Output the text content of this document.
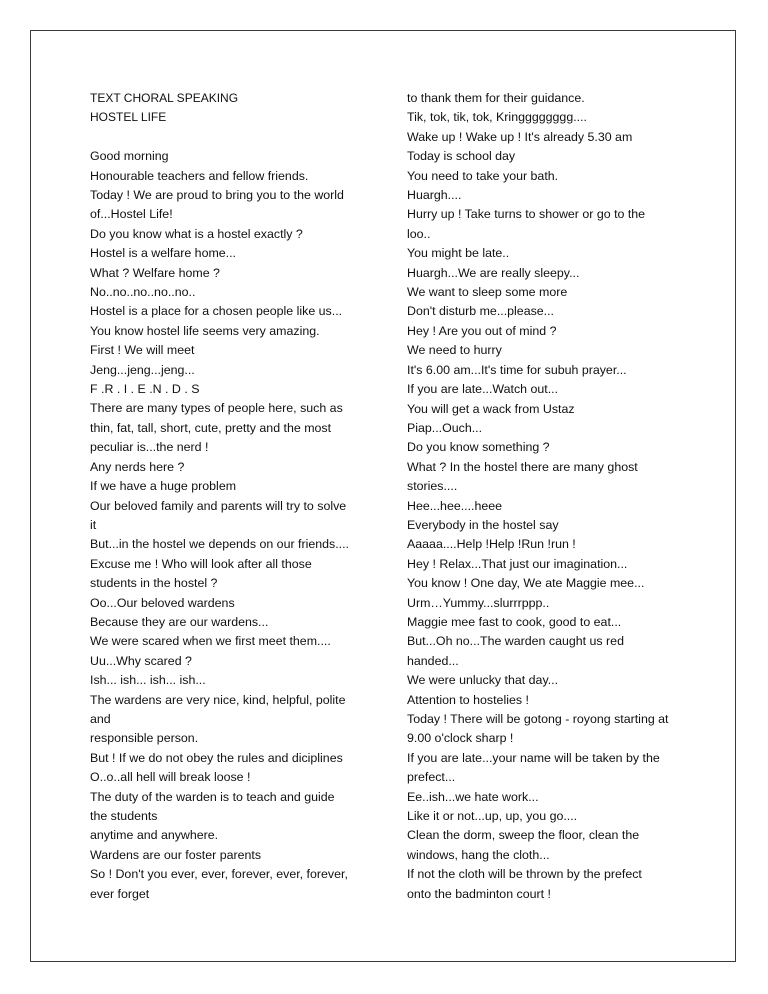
TEXT CHORAL SPEAKING
HOSTEL LIFE
Good morning
Honourable teachers and fellow friends.
Today ! We are proud to bring you to the world
of...Hostel Life!
Do you know what is a hostel exactly ?
Hostel is a welfare home...
What ? Welfare home ?
No..no..no..no..no..
Hostel is a place for a chosen people like us...
You know hostel life seems very amazing.
First ! We will meet
Jeng...jeng...jeng...
F .R . I . E .N . D . S
There are many types of people here, such as
thin, fat, tall, short, cute, pretty and the most
peculiar is...the nerd !
Any nerds here ?
If we have a huge problem
Our beloved family and parents will try to solve
it
But...in the hostel we depends on our friends....
Excuse me ! Who will look after all those
students in the hostel ?
Oo...Our beloved wardens
Because they are our wardens...
We were scared when we first meet them....
Uu...Why scared ?
Ish... ish... ish... ish...
The wardens are very nice, kind, helpful, polite
and
responsible person.
But ! If we do not obey the rules and diciplines
O..o..all hell will break loose !
The duty of the warden is to teach and guide
the students
anytime and anywhere.
Wardens are our foster parents
So ! Don't you ever, ever, forever, ever, forever,
ever forget
to thank them for their guidance.
Tik, tok, tik, tok, Kringggggggg....
Wake up ! Wake up ! It's already 5.30 am
Today is school day
You need to take your bath.
Huargh....
Hurry up ! Take turns to shower or go to the
loo..
You might be late..
Huargh...We are really sleepy...
We want to sleep some more
Don't disturb me...please...
Hey ! Are you out of mind ?
We need to hurry
It's 6.00 am...It's time for subuh prayer...
If you are late...Watch out...
You will get a wack from Ustaz
Piap...Ouch...
Do you know something ?
What ? In the hostel there are many ghost
stories....
Hee...hee....heee
Everybody in the hostel say
Aaaaa....Help !Help !Run !run !
Hey ! Relax...That just our imagination...
You know ! One day, We ate Maggie mee...
Urm…Yummy...slurrrppp..
Maggie mee fast to cook, good to eat...
But...Oh no...The warden caught us red
handed...
We were unlucky that day...
Attention to hostelies !
Today ! There will be gotong - royong starting at
9.00 o'clock sharp !
If you are late...your name will be taken by the
prefect...
Ee..ish...we hate work...
Like it or not...up, up, you go....
Clean the dorm, sweep the floor, clean the
windows, hang the cloth...
If not the cloth will be thrown by the prefect
onto the badminton court !
